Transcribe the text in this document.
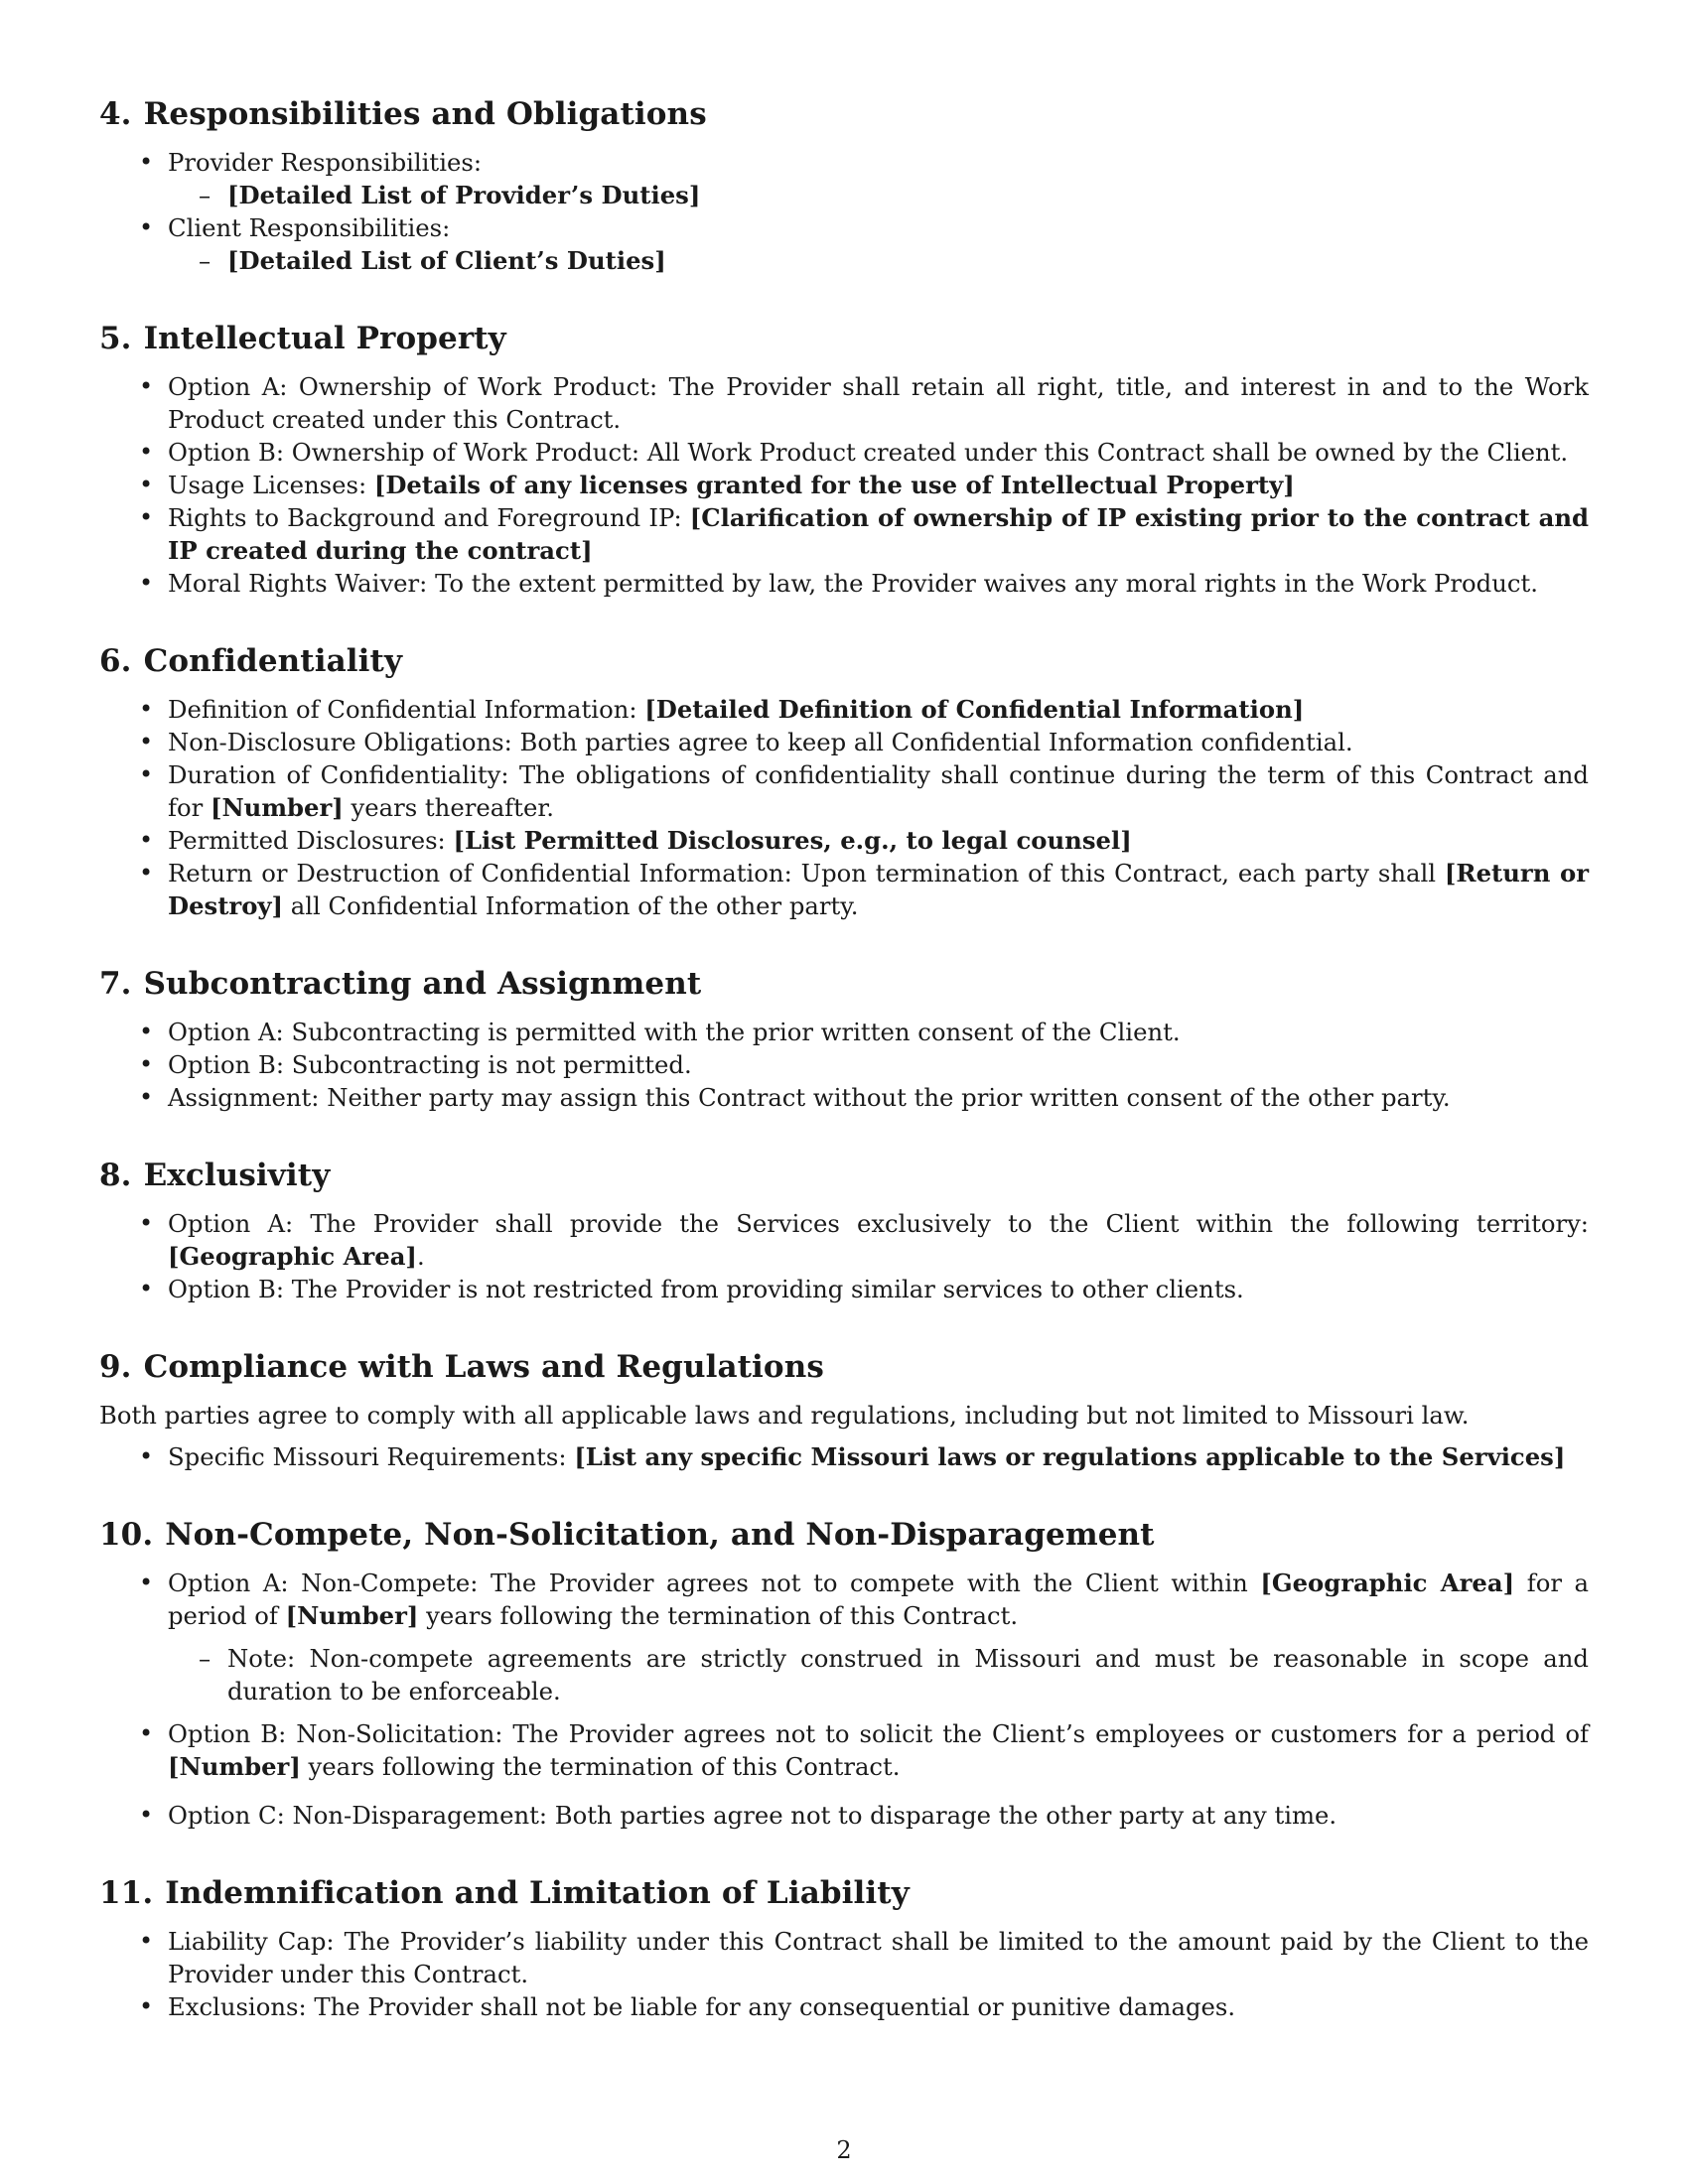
4. Responsibilities and Obligations
• Provider Responsibilities:
– [Detailed List of Provider’s Duties]
• Client Responsibilities:
– [Detailed List of Client’s Duties]
5. Intellectual Property
• Option A: Ownership of Work Product: The Provider shall retain all right, title, and interest in and to the Work Product created under this Contract.
• Option B: Ownership of Work Product: All Work Product created under this Contract shall be owned by the Client.
• Usage Licenses: [Details of any licenses granted for the use of Intellectual Property]
• Rights to Background and Foreground IP: [Clarification of ownership of IP existing prior to the contract and IP created during the contract]
• Moral Rights Waiver: To the extent permitted by law, the Provider waives any moral rights in the Work Product.
6. Confidentiality
• Definition of Confidential Information: [Detailed Definition of Confidential Information]
• Non-Disclosure Obligations: Both parties agree to keep all Confidential Information confidential.
• Duration of Confidentiality: The obligations of confidentiality shall continue during the term of this Contract and for [Number] years thereafter.
• Permitted Disclosures: [List Permitted Disclosures, e.g., to legal counsel]
• Return or Destruction of Confidential Information: Upon termination of this Contract, each party shall [Return or Destroy] all Confidential Information of the other party.
7. Subcontracting and Assignment
• Option A: Subcontracting is permitted with the prior written consent of the Client.
• Option B: Subcontracting is not permitted.
• Assignment: Neither party may assign this Contract without the prior written consent of the other party.
8. Exclusivity
• Option A: The Provider shall provide the Services exclusively to the Client within the following territory: [Geographic Area].
• Option B: The Provider is not restricted from providing similar services to other clients.
9. Compliance with Laws and Regulations

Both parties agree to comply with all applicable laws and regulations, including but not limited to Missouri law.

• Specific Missouri Requirements: [List any specific Missouri laws or regulations applicable to the Services]
10. Non-Compete, Non-Solicitation, and Non-Disparagement
• Option A: Non-Compete: The Provider agrees not to compete with the Client within [Geographic Area] for a period of [Number] years following the termination of this Contract.
– Note: Non-compete agreements are strictly construed in Missouri and must be reasonable in scope and duration to be enforceable.
• Option B: Non-Solicitation: The Provider agrees not to solicit the Client’s employees or customers for a period of [Number] years following the termination of this Contract.
• Option C: Non-Disparagement: Both parties agree not to disparage the other party at any time.
11. Indemnification and Limitation of Liability
• Liability Cap: The Provider’s liability under this Contract shall be limited to the amount paid by the Client to the Provider under this Contract.
• Exclusions: The Provider shall not be liable for any consequential or punitive damages.
2
